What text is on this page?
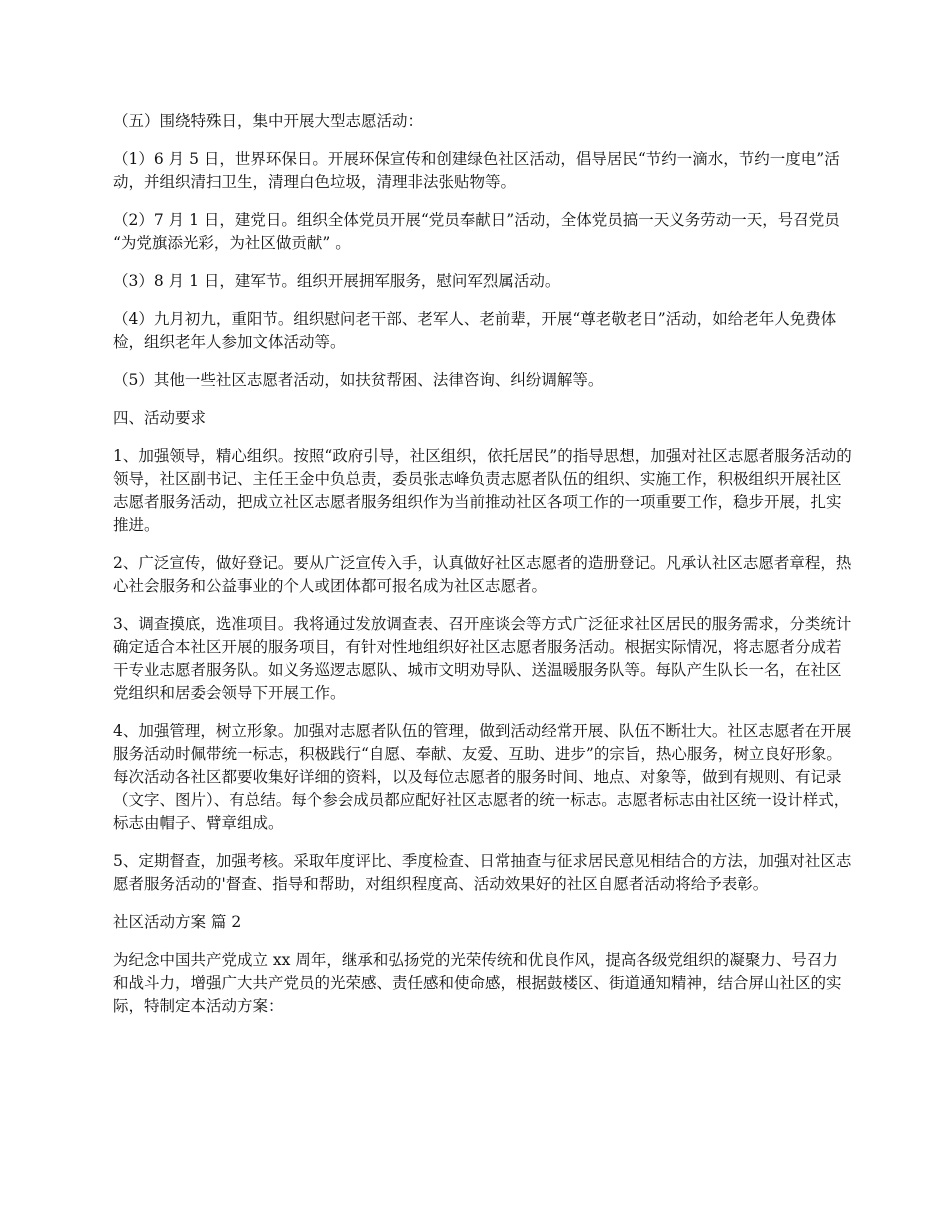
（五）围绕特殊日，集中开展大型志愿活动：

（1）6 月 5 日，世界环保日。开展环保宣传和创建绿色社区活动，倡导居民“节约一滴水，节约一度电”活动，并组织清扫卫生，清理白色垃圾，清理非法张贴物等。

（2）7 月 1 日，建党日。组织全体党员开展“党员奉献日”活动，全体党员搞一天义务劳动一天，号召党员 “为党旗添光彩，为社区做贡献” 。

（3）8 月 1 日，建军节。组织开展拥军服务，慰问军烈属活动。

（4）九月初九，重阳节。组织慰问老干部、老军人、老前辈，开展“尊老敬老日”活动，如给老年人免费体检，组织老年人参加文体活动等。

（5）其他一些社区志愿者活动，如扶贫帮困、法律咨询、纠纷调解等。

四、活动要求

1、加强领导，精心组织。按照“政府引导，社区组织，依托居民”的指导思想，加强对社区志愿者服务活动的领导，社区副书记、主任王金中负总责，委员张志峰负责志愿者队伍的组织、实施工作，积极组织开展社区志愿者服务活动，把成立社区志愿者服务组织作为当前推动社区各项工作的一项重要工作，稳步开展，扎实推进。

2、广泛宣传，做好登记。要从广泛宣传入手，认真做好社区志愿者的造册登记。凡承认社区志愿者章程，热心社会服务和公益事业的个人或团体都可报名成为社区志愿者。

3、调查摸底，选准项目。我将通过发放调查表、召开座谈会等方式广泛征求社区居民的服务需求，分类统计确定适合本社区开展的服务项目，有针对性地组织好社区志愿者服务活动。根据实际情况，将志愿者分成若干专业志愿者服务队。如义务巡逻志愿队、城市文明劝导队、送温暖服务队等。每队产生队长一名，在社区党组织和居委会领导下开展工作。

4、加强管理，树立形象。加强对志愿者队伍的管理，做到活动经常开展、队伍不断壮大。社区志愿者在开展服务活动时佩带统一标志，积极践行“自愿、奉献、友爱、互助、进步”的宗旨，热心服务，树立良好形象。每次活动各社区都要收集好详细的资料，以及每位志愿者的服务时间、地点、对象等，做到有规则、有记录（文字、图片）、有总结。每个参会成员都应配好社区志愿者的统一标志。志愿者标志由社区统一设计样式，标志由帽子、臂章组成。

5、定期督查，加强考核。采取年度评比、季度检查、日常抽查与征求居民意见相结合的方法，加强对社区志愿者服务活动的'督查、指导和帮助，对组织程度高、活动效果好的社区自愿者活动将给予表彰。

社区活动方案 篇 2

为纪念中国共产党成立 xx 周年，继承和弘扬党的光荣传统和优良作风，提高各级党组织的凝聚力、号召力和战斗力，增强广大共产党员的光荣感、责任感和使命感，根据鼓楼区、街道通知精神，结合屏山社区的实际，特制定本活动方案：
